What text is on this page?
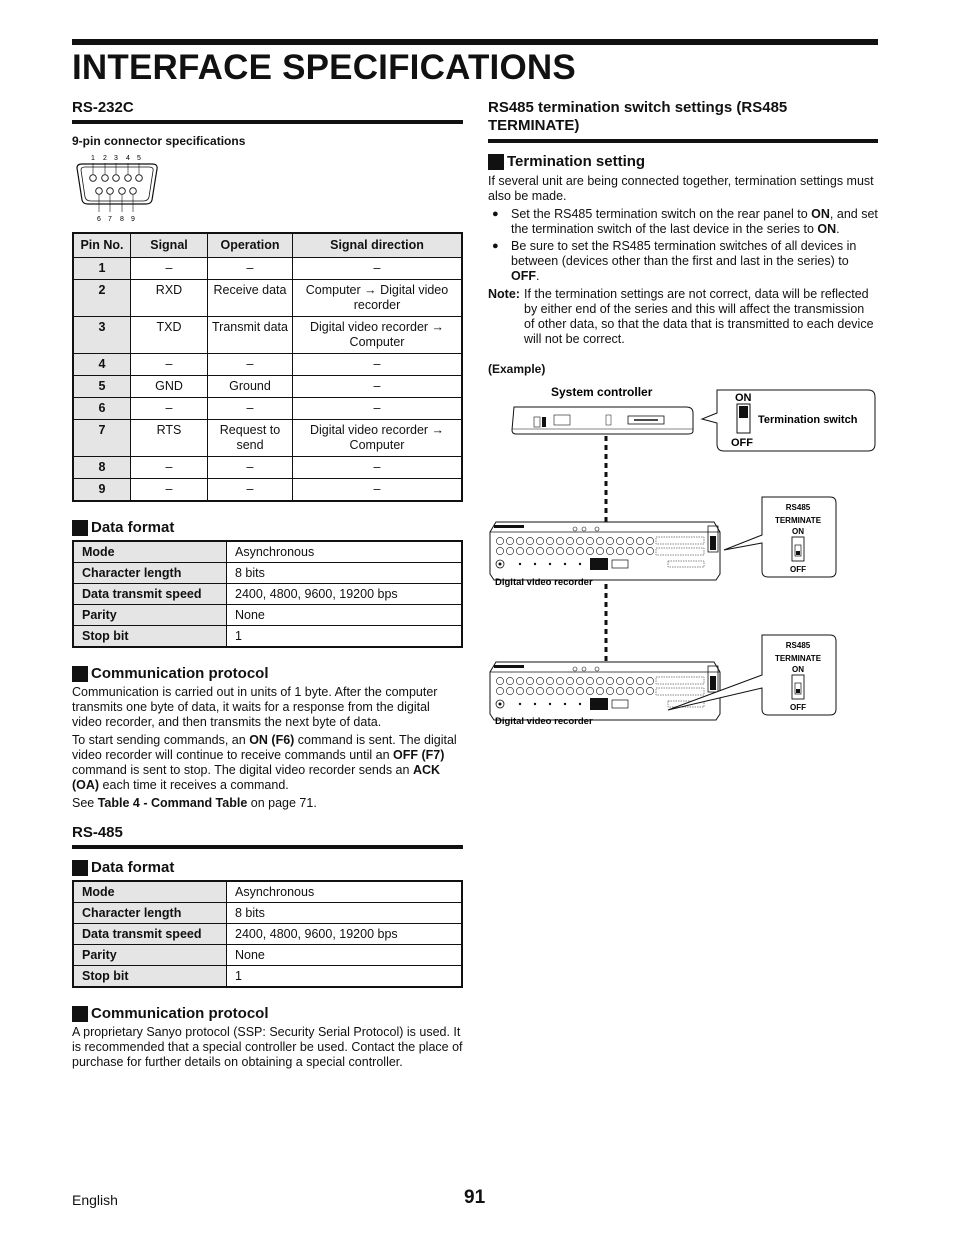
INTERFACE SPECIFICATIONS
RS-232C
9-pin connector specifications
1 2 3 4 5
6 7 8 9
Pin No.	Signal	Operation	Signal direction
1	–	–	–
2	RXD	Receive data	Computer → Digital video recorder
3	TXD	Transmit data	Digital video recorder → Computer
4	–	–	–
5	GND	Ground	–
6	–	–	–
7	RTS	Request to send	Digital video recorder → Computer
8	–	–	–
9	–	–	–
Data format
Mode	Asynchronous
Character length	8 bits
Data transmit speed	2400, 4800, 9600, 19200 bps
Parity	None
Stop bit	1
Communication protocol

Communication is carried out in units of 1 byte. After the computer transmits one byte of data, it waits for a response from the digital video recorder, and then transmits the next byte of data.

To start sending commands, an ON (F6) command is sent. The digital video recorder will continue to receive commands until an OFF (F7) command is sent to stop. The digital video recorder sends an ACK (OA) each time it receives a command.

See Table 4 - Command Table on page 71.

RS-485
Data format
Mode	Asynchronous
Character length	8 bits
Data transmit speed	2400, 4800, 9600, 19200 bps
Parity	None
Stop bit	1
Communication protocol

A proprietary Sanyo protocol (SSP: Security Serial Protocol) is used. It is recommended that a special controller be used. Contact the place of purchase for further details on obtaining a special controller.

RS485 termination switch settings (RS485 TERMINATE)
Termination setting

If several unit are being connected together, termination settings must also be made.

● Set the RS485 termination switch on the rear panel to ON, and set the termination switch of the last device in the series to ON.
● Be sure to set the RS485 termination switches of all devices in between (devices other than the first and last in the series) to OFF.
Note: If the termination settings are not correct, data will be reflected by either end of the series and this will affect the transmission of other data, so that the data that is transmitted to each device will not be correct.
(Example)
System controller	ON
OFF
Termination switch
Digital video recorder
RS485
TERMINATE
ON
OFF
Digital video recorder
RS485
TERMINATE
ON
OFF
English	91
